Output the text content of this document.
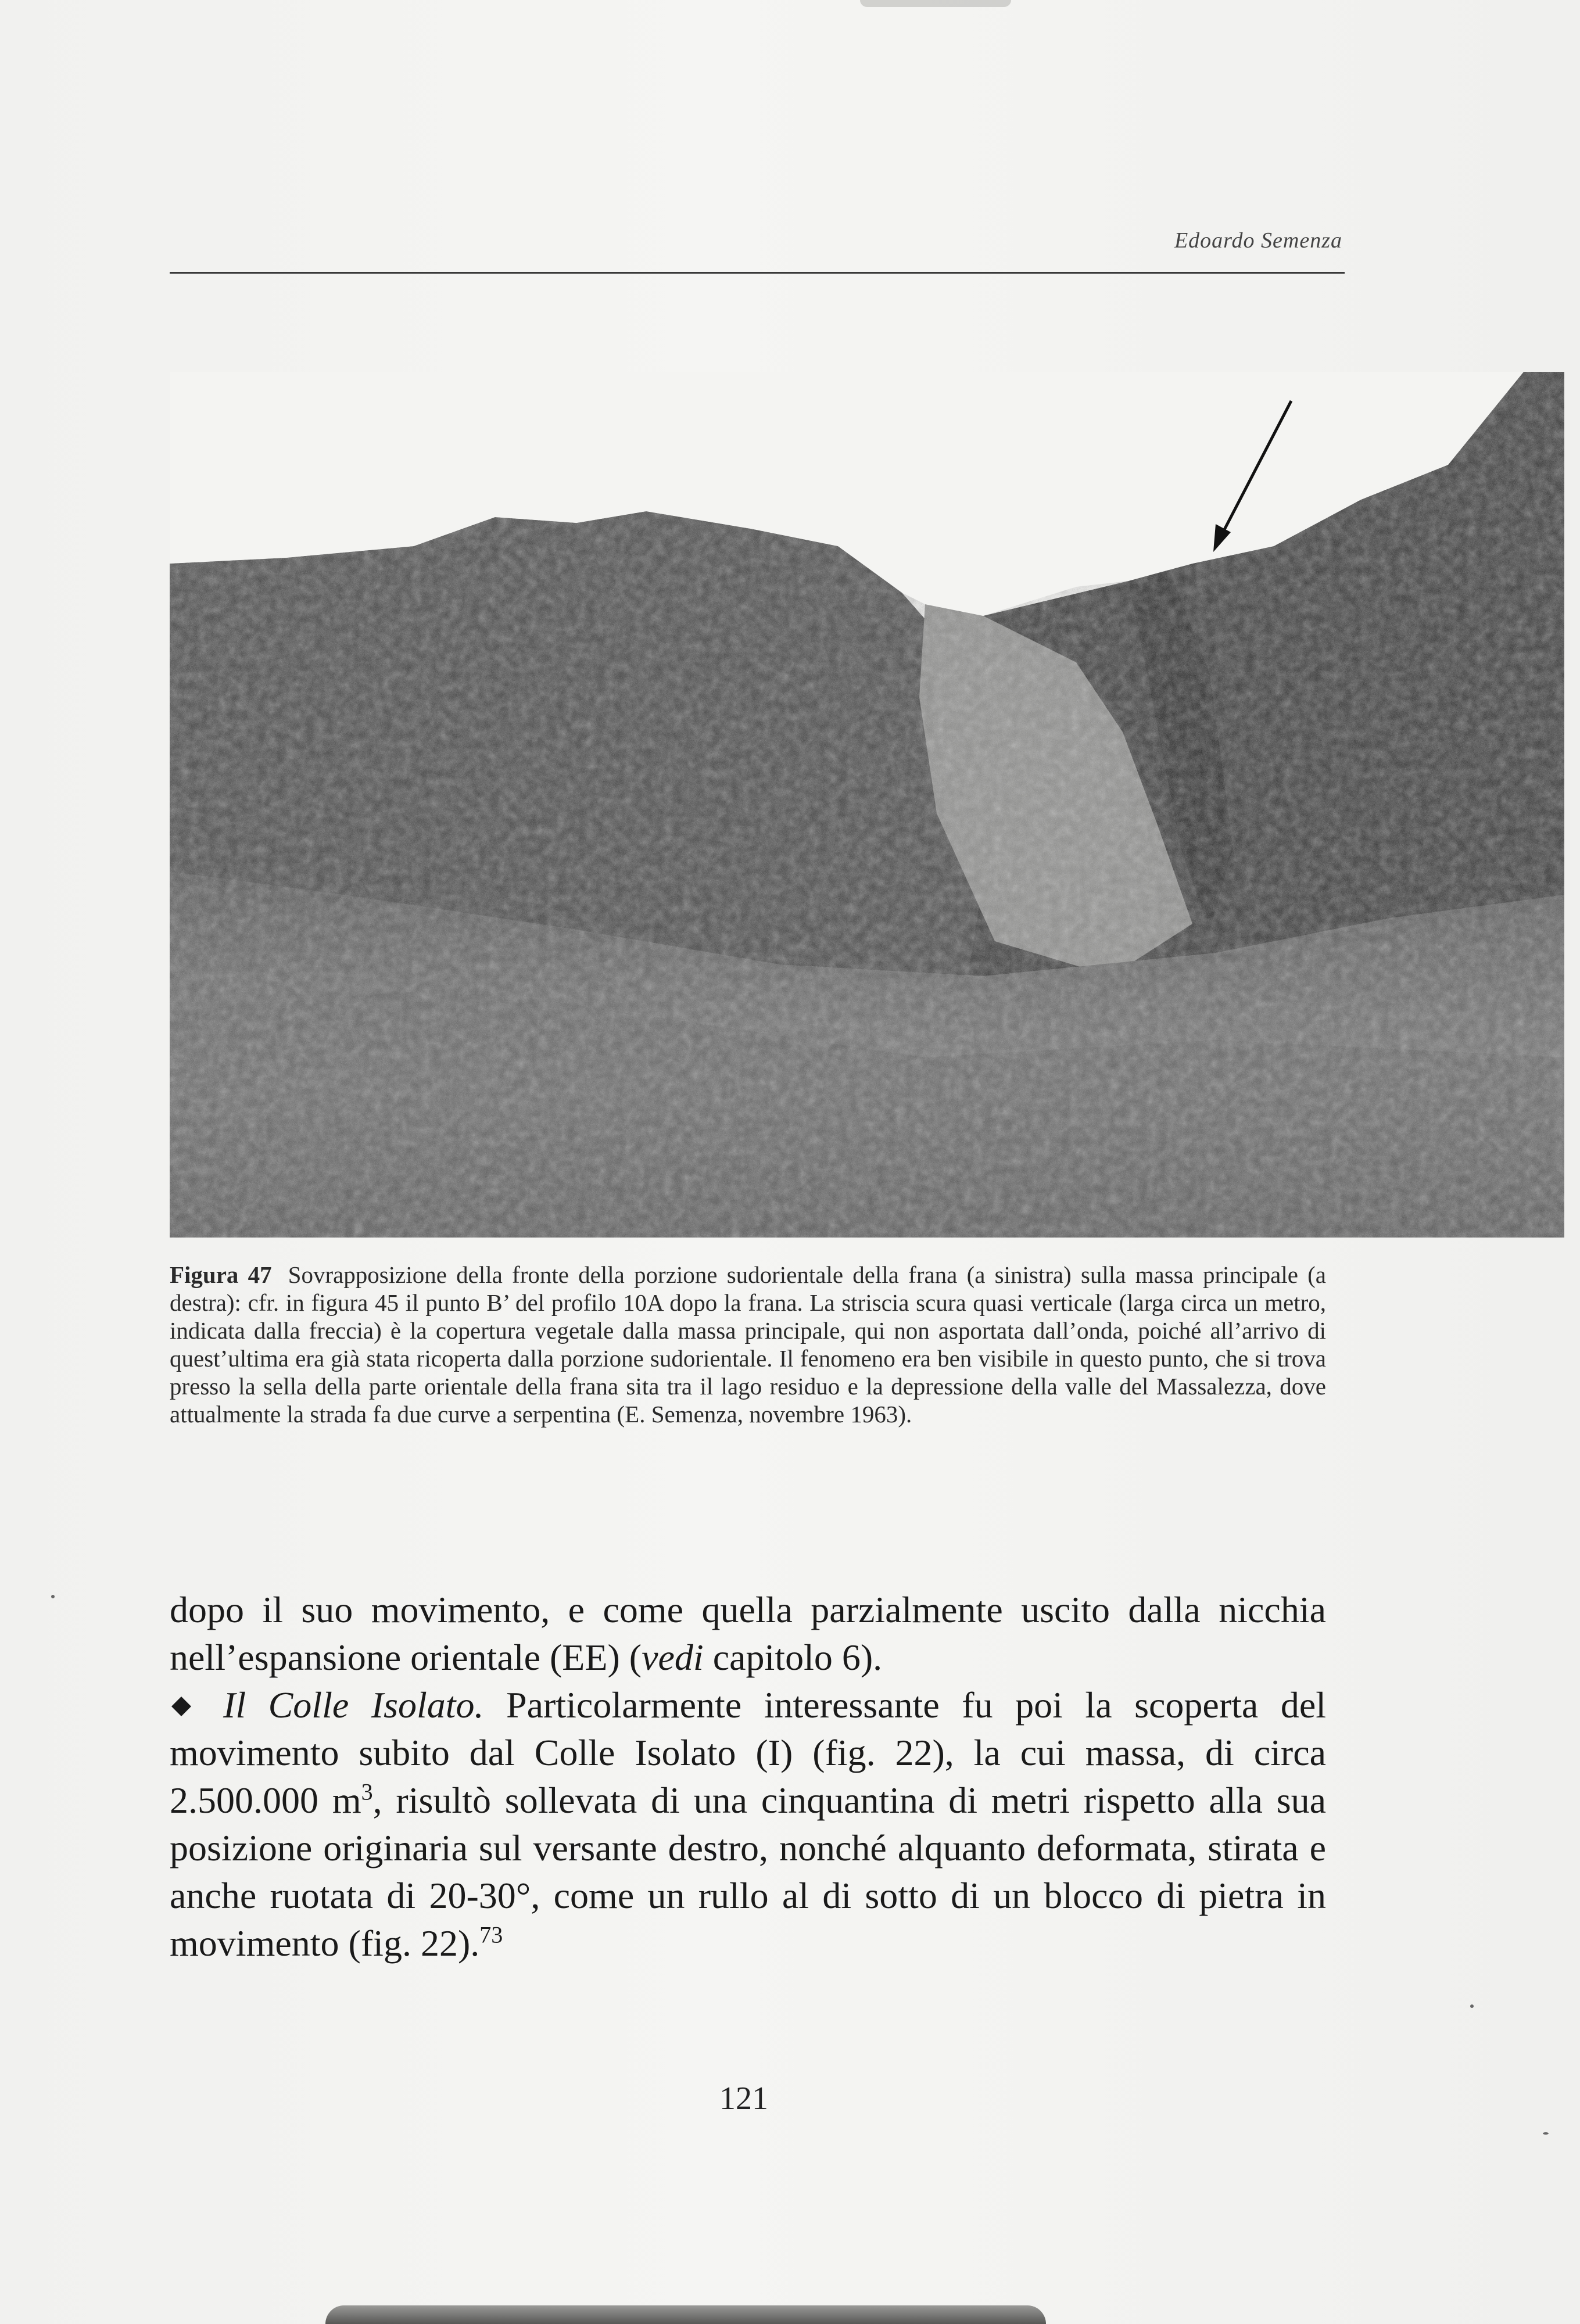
Edoardo Semenza
Figura 47 Sovrapposizione della fronte della porzione sudorientale della frana (a sinistra) sulla massa principale (a destra): cfr. in figura 45 il punto B’ del profilo 10A dopo la frana. La striscia scura quasi verticale (larga circa un metro, indicata dalla freccia) è la copertura vegetale dalla massa principale, qui non asportata dall’onda, poiché all’arrivo di quest’ultima era già stata ricoperta dalla porzione sudorientale. Il fenomeno era ben visibile in questo punto, che si trova presso la sella della parte orientale della frana sita tra il lago residuo e la depressione della valle del Massalezza, dove attualmente la strada fa due curve a serpentina (E. Semenza, novembre 1963).

dopo il suo movimento, e come quella parzialmente uscito dalla nicchia nell’espansione orientale (EE) (vedi capitolo 6).

Il Colle Isolato. Particolarmente interessante fu poi la scoperta del movimento subito dal Colle Isolato (I) (fig. 22), la cui massa, di circa 2.500.000 $m^3$, risultò sollevata di una cinquantina di metri rispetto alla sua posizione originaria sul versante destro, nonché alquanto deformata, stirata e anche ruotata di 20-30°, come un rullo al di sotto di un blocco di pietra in movimento (fig. 22).$^{73}$

121
